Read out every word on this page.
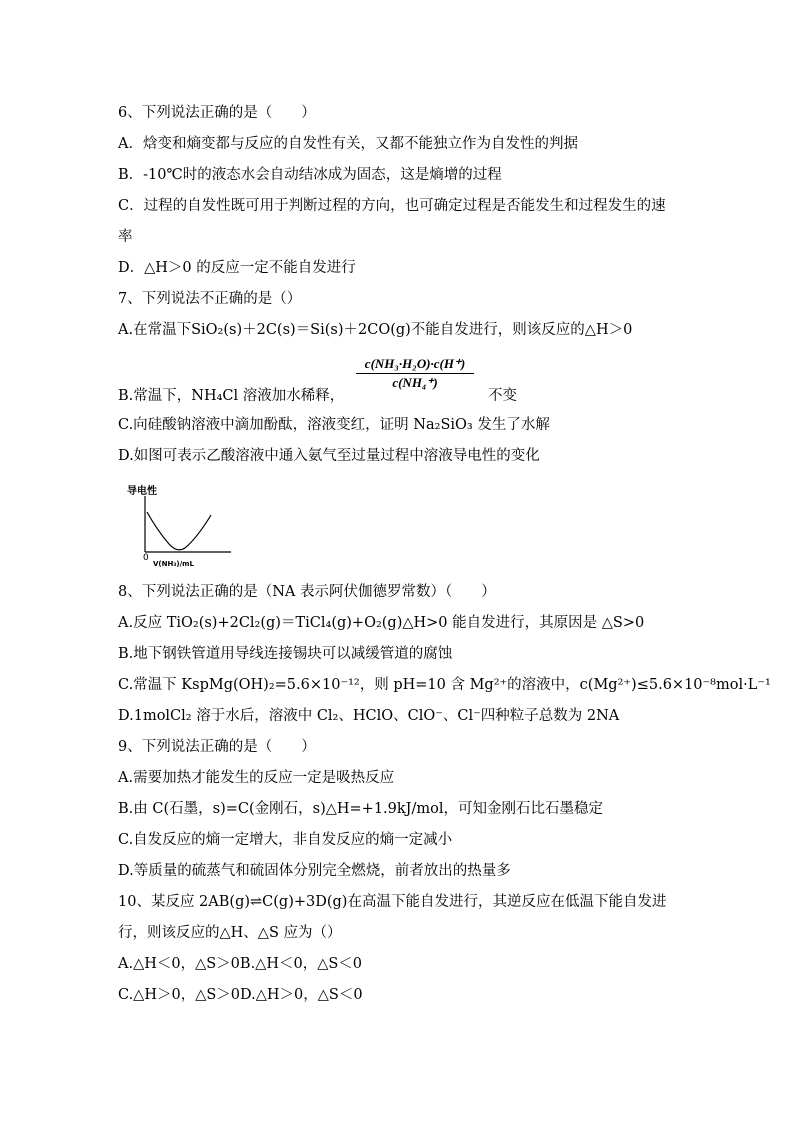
6、下列说法正确的是（　　）
A．焓变和熵变都与反应的自发性有关，又都不能独立作为自发性的判据
B．-10℃时的液态水会自动结冰成为固态，这是熵增的过程
C．过程的自发性既可用于判断过程的方向，也可确定过程是否能发生和过程发生的速
率
D．△H＞0 的反应一定不能自发进行
7、下列说法不正确的是（）
A.在常温下SiO₂(s)＋2C(s)＝Si(s)＋2CO(g)不能自发进行，则该反应的△H＞0
c(NH₃·H₂O)·c(H⁺)
c(NH₄⁺)
B.常温下，NH₄Cl 溶液加水稀释，	不变
C.向硅酸钠溶液中滴加酚酞，溶液变红，证明 Na₂SiO₃ 发生了水解
D.如图可表示乙酸溶液中通入氨气至过量过程中溶液导电性的变化
导电性
0
V(NH₃)/mL
8、下列说法正确的是（NA 表示阿伏伽德罗常数）（　　）
A.反应 TiO₂(s)+2Cl₂(g)＝TiCl₄(g)+O₂(g)△H>0 能自发进行，其原因是 △S>0
B.地下钢铁管道用导线连接锡块可以减缓管道的腐蚀
C.常温下 KspMg(OH)₂=5.6×10⁻¹²，则 pH=10 含 Mg²⁺的溶液中，c(Mg²⁺)≤5.6×10⁻⁸mol·L⁻¹
D.1molCl₂ 溶于水后，溶液中 Cl₂、HClO、ClO⁻、Cl⁻四种粒子总数为 2NA
9、下列说法正确的是（　　）
A.需要加热才能发生的反应一定是吸热反应
B.由 C(石墨，s)=C(金刚石，s)△H=+1.9kJ/mol，可知金刚石比石墨稳定
C.自发反应的熵一定增大，非自发反应的熵一定减小
D.等质量的硫蒸气和硫固体分别完全燃烧，前者放出的热量多
10、某反应 2AB(g)⇌C(g)+3D(g)在高温下能自发进行，其逆反应在低温下能自发进
行，则该反应的△H、△S 应为（）
A.△H＜0，△S＞0B.△H＜0，△S＜0
C.△H＞0，△S＞0D.△H＞0，△S＜0
